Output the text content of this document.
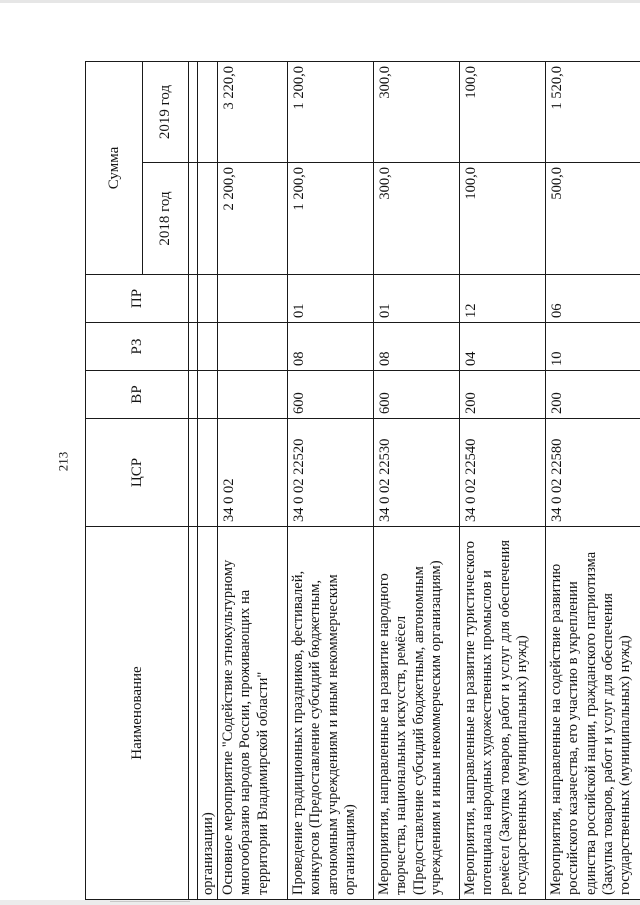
213
Наименование	ЦСР	ВР	РЗ	ПР	Сумма	
					2018 год	2019 год

организации)						

Основное мероприятие "Содействие этнокультурному многообразию народов России, проживающих на территории Владимирской области"	34 0 02				2 200,0	3 220,0

Проведение традиционных праздников, фестивалей, конкурсов (Предоставление субсидий бюджетным, автономным учреждениям и иным некоммерческим организациям)	34 0 02 22520	600	08	01	1 200,0	1 200,0

Мероприятия, направленные на развитие народного творчества, национальных искусств, ремёсел (Предоставление субсидий бюджетным, автономным учреждениям и иным некоммерческим организациям)	34 0 02 22530	600	08	01	300,0	300,0

Мероприятия, направленные на развитие туристического потенциала народных художественных промыслов и ремёсел (Закупка товаров, работ и услуг для обеспечения государственных (муниципальных) нужд)	34 0 02 22540	200	04	12	100,0	100,0

Мероприятия, направленные на содействие развитию российского казачества, его участию в укреплении единства российской нации, гражданского патриотизма (Закупка товаров, работ и услуг для обеспечения государственных (муниципальных) нужд)	34 0 02 22580	200	10	06	500,0	1 520,0
